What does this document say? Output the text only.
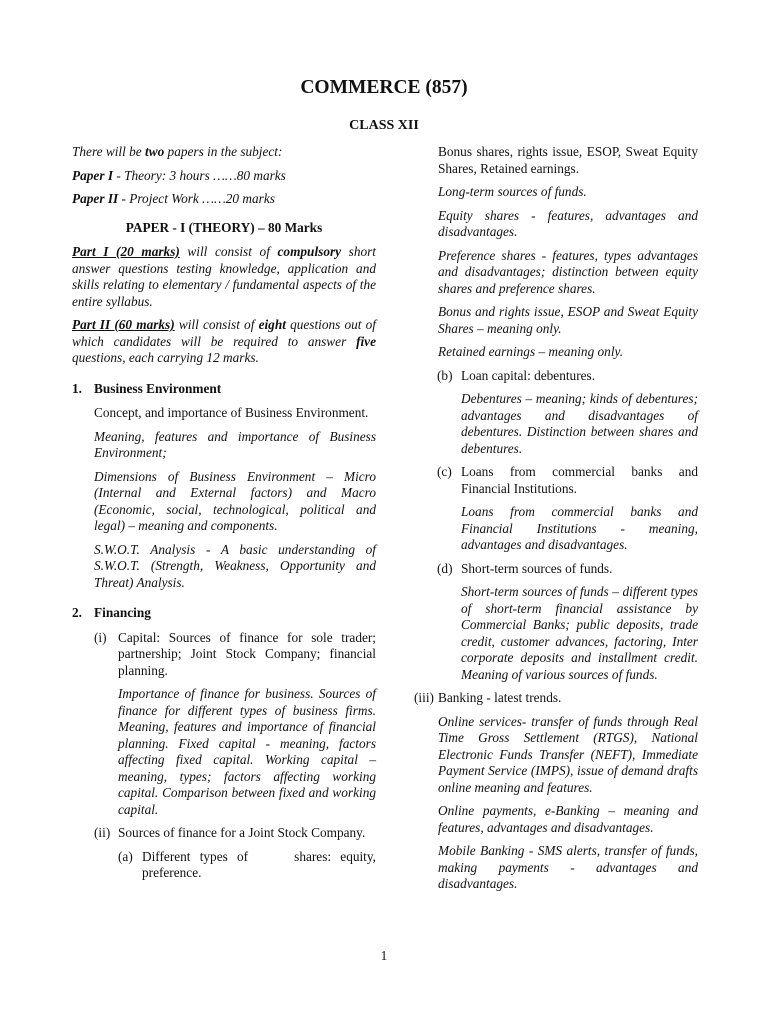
COMMERCE (857)
CLASS XII

There will be two papers in the subject:

Paper I - Theory: 3 hours ……80 marks

Paper II - Project Work ……20 marks

PAPER - I (THEORY) – 80 Marks

Part I (20 marks) will consist of compulsory short answer questions testing knowledge, application and skills relating to elementary / fundamental aspects of the entire syllabus.

Part II (60 marks) will consist of eight questions out of which candidates will be required to answer five questions, each carrying 12 marks.

1. Business Environment

Concept, and importance of Business Environment.

Meaning, features and importance of Business Environment;

Dimensions of Business Environment – Micro (Internal and External factors) and Macro (Economic, social, technological, political and legal) – meaning and components.

S.W.O.T. Analysis - A basic understanding of S.W.O.T. (Strength, Weakness, Opportunity and Threat) Analysis.

2. Financing
(i) Capital: Sources of finance for sole trader; partnership; Joint Stock Company; financial planning.

Importance of finance for business. Sources of finance for different types of business firms. Meaning, features and importance of financial planning. Fixed capital - meaning, factors affecting fixed capital. Working capital – meaning, types; factors affecting working capital. Comparison between fixed and working capital.

(ii) Sources of finance for a Joint Stock Company.
(a) Different types of     shares: equity, preference.

Bonus shares, rights issue, ESOP, Sweat Equity Shares, Retained earnings.

Long-term sources of funds.

Equity shares - features, advantages and disadvantages.

Preference shares - features, types advantages and disadvantages; distinction between equity shares and preference shares.

Bonus and rights issue, ESOP and Sweat Equity Shares – meaning only.

Retained earnings – meaning only.

(b) Loan capital: debentures.

Debentures – meaning; kinds of debentures; advantages and disadvantages of debentures. Distinction between shares and debentures.

(c) Loans from commercial banks and Financial Institutions.

Loans from commercial banks and Financial Institutions - meaning, advantages and disadvantages.

(d) Short-term sources of funds.

Short-term sources of funds – different types of short-term financial assistance by Commercial Banks; public deposits, trade credit, customer advances, factoring, Inter corporate deposits and installment credit. Meaning of various sources of funds.

(iii) Banking - latest trends.

Online services- transfer of funds through Real Time Gross Settlement (RTGS), National Electronic Funds Transfer (NEFT), Immediate Payment Service (IMPS), issue of demand drafts online meaning and features.

Online payments, e-Banking – meaning and features, advantages and disadvantages.

Mobile Banking - SMS alerts, transfer of funds, making payments - advantages and disadvantages.

1
